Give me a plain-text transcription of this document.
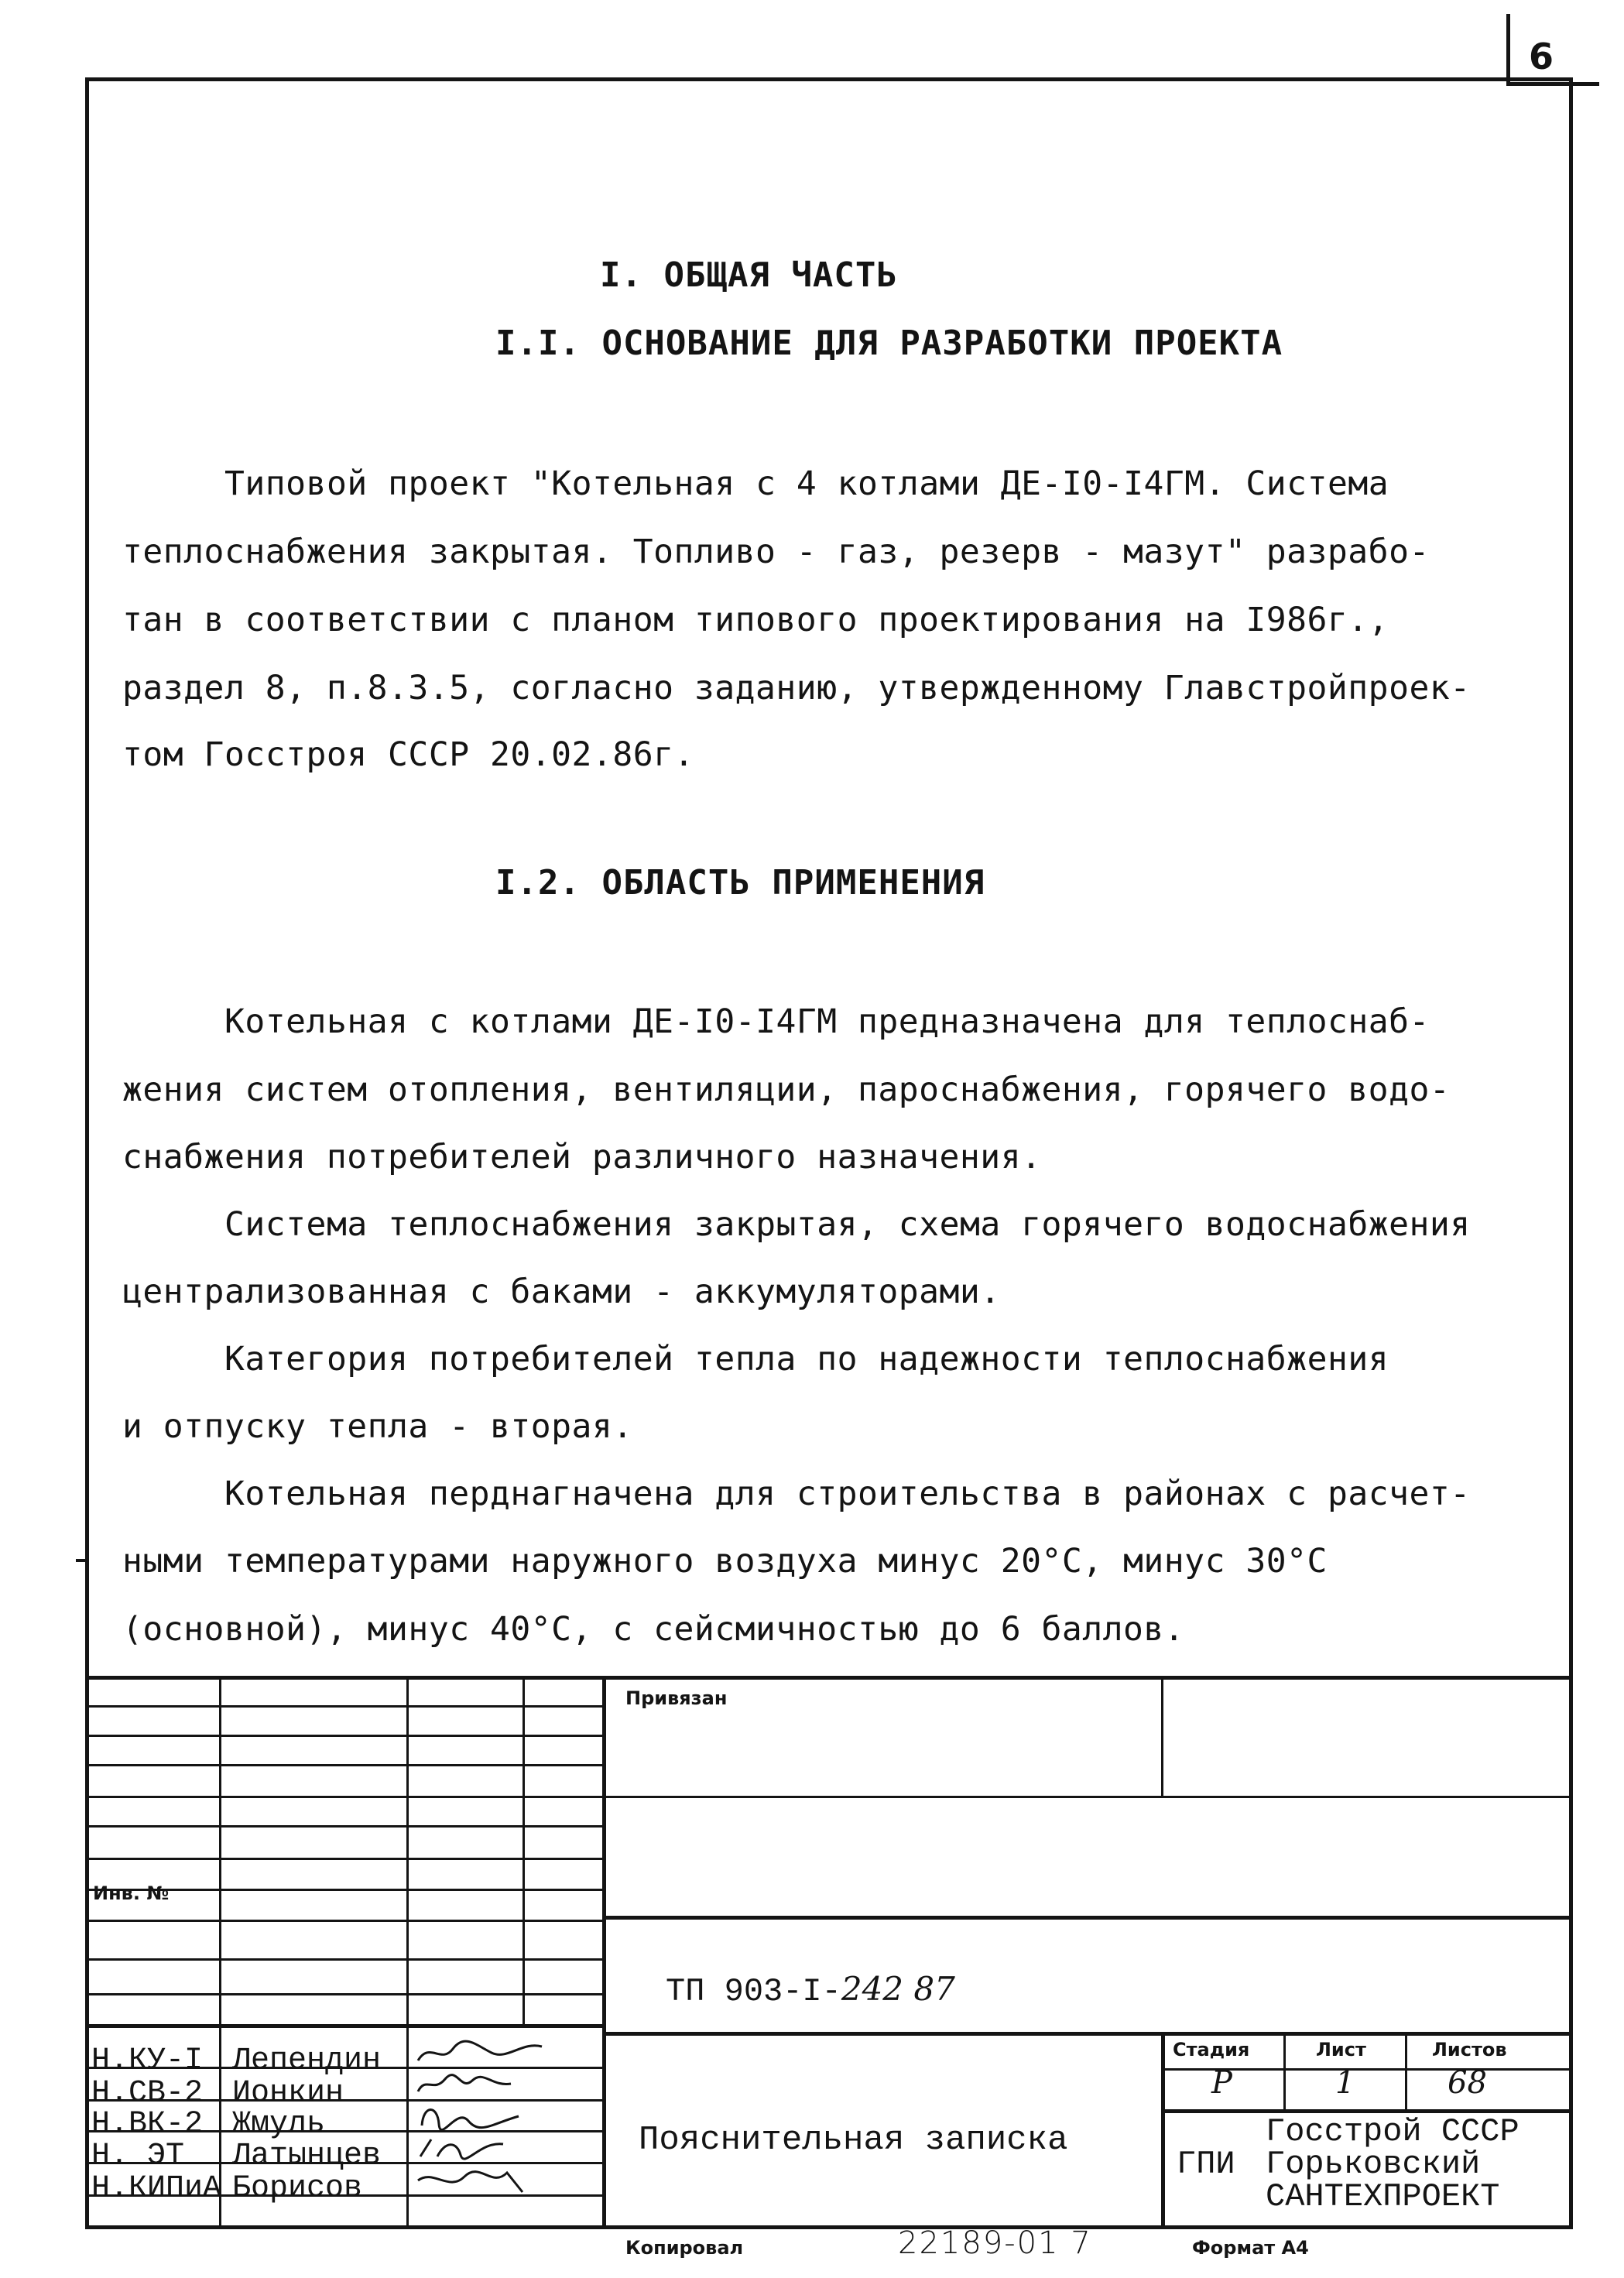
6
I. ОБЩАЯ ЧАСТЬ
I.I. ОСНОВАНИЕ ДЛЯ РАЗРАБОТКИ ПРОЕКТА
Типовой проект "Котельная с 4 котлами ДЕ-I0-I4ГМ. Система
теплоснабжения закрытая. Топливо - газ, резерв - мазут" разрабо-
тан в соответствии с планом типового проектирования на I986г.,
раздел 8, п.8.3.5, согласно заданию, утвержденному Главстройпроек-
том Госстроя СССР 20.02.86г.
I.2. ОБЛАСТЬ ПРИМЕНЕНИЯ
Котельная с котлами ДЕ-I0-I4ГМ предназначена для теплоснаб-
жения систем отопления, вентиляции, пароснабжения, горячего водо-
снабжения потребителей различного назначения.
Система теплоснабжения закрытая, схема горячего водоснабжения
централизованная с баками - аккумуляторами.
Категория потребителей тепла по надежности теплоснабжения
и отпуску тепла - вторая.
Котельная перднагначена для строительства в районах с расчет-
ными температурами наружного воздуха минус 20°С, минус 30°С
(основной), минус 40°С, с сейсмичностью до 6 баллов.
Инв. №
Привязан
ТП 903-I-242 87
Стадия	Лист	Листов
Р	1	68
Пояснительная записка	Госстрой СССР
ГПИ Горьковский
САНТЕХПРОЕКТ
Н.КУ-I Лепендин
Н.СВ-2 Ионкин
Н.ВК-2 Жмуль
Н. ЭТ Латынцев
Н.КИПиА Борисов
Копировал	22189-01 7	Формат А4
